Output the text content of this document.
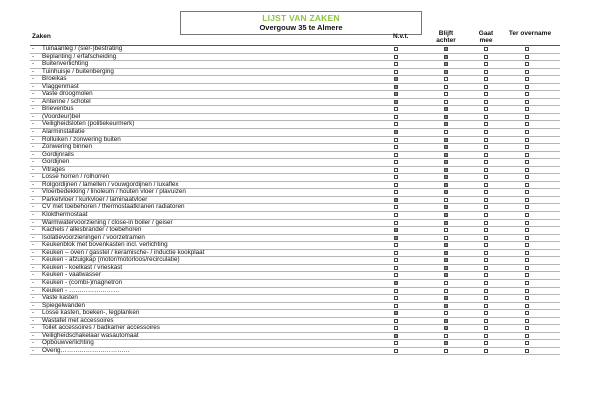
LIJST VAN ZAKEN
Overgouw 35 te Almere
Zaken	N.v.t.	Blijft achter
Gaat mee
Ter overname
- Tuinaanleg / (sier-)bestrating
- Beplanting / erfafscheiding
- Buitenverlichting
- Tuinhuisje / buitenberging
- Broeikas
- Vlaggenmast
- Vaste droogmolen
- Antenne / schotel
- Brievenbus
- (Voordeur)bel
- Veiligheidsloten (politiekeurmerk)
- Alarminstallatie
- Rolluiken / zonwering buiten
- Zonwering binnen
- Gordijnrails
- Gordijnen
- Vitrages
- Losse horren / rolhorren
- Rolgordijnen / lamellen / vouwgordijnen / luxaflex
- Vloerbedekking / linoleum / houten vloer / plavuizen
- Parketvloer / kurkvloer / laminaatvloer
- CV met toebehoren / thermostaatkranen radiatoren
- Klokthermostaat
- Warmwatervoorziening / close-in boiler / geiser
- Kachels / allesbrander / toebehoren
- Isolatievoorzieningen / voorzetramen
- Keukenblok met bovenkasten incl. verlichting
- Keuken – oven / gasstel / keramische- / inductie kookplaat
- Keuken - afzuigkap (motor/motorloos/recirculatie)
- Keuken - koelkast / vrieskast
- Keuken - vaatwasser
- Keuken - (combi-)magnetron
- Keuken - ……………………
- Vaste kasten
- Spiegelwanden
- Losse kasten, boeken-, legplanken
- Wastafel met accessoires
- Toilet accessoires / badkamer accessoires
- Veiligheidschakelaar wasautomaat
- Opbouwverlichting
- Overig……………………………
